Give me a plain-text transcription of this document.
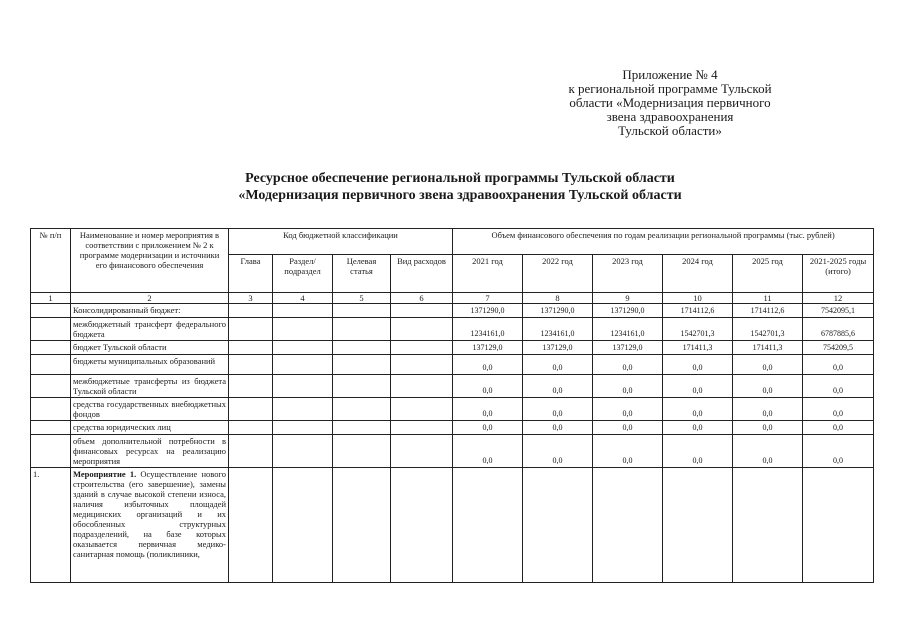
Приложение № 4
к региональной программе Тульской
области «Модернизация первичного
звена здравоохранения
Тульской области»
Ресурсное обеспечение региональной программы Тульской области
«Модернизация первичного звена здравоохранения Тульской области
№ п/п	Наименование и номер мероприятия в соответствии с приложением № 2 к программе модернизации и источники его финансового обеспечения	Код бюджетной классификации				Объем финансового обеспечения по годам реализации региональной программы (тыс. рублей)					
		Глава	Раздел/ подраздел	Целевая статья	Вид расходов	2021 год	2022 год	2023 год	2024 год	2025 год	2021-2025 годы (итого)
1	2	3	4	5	6	7	8	9	10	11	12
	Консолидированный бюджет:					1371290,0	1371290,0	1371290,0	1714112,6	1714112,6	7542095,1
	межбюджетный трансферт федерального бюджета					1234161,0	1234161,0	1234161,0	1542701,3	1542701,3	6787885,6
	бюджет Тульской области					137129,0	137129,0	137129,0	171411,3	171411,3	754209,5
	бюджеты муниципальных образований					0,0	0,0	0,0	0,0	0,0	0,0
	межбюджетные трансферты из бюджета Тульской области					0,0	0,0	0,0	0,0	0,0	0,0
	средства государственных внебюджетных фондов					0,0	0,0	0,0	0,0	0,0	0,0
	средства юридических лиц					0,0	0,0	0,0	0,0	0,0	0,0
	объем дополнительной потребности в финансовых ресурсах на реализацию мероприятия					0,0	0,0	0,0	0,0	0,0	0,0
1.	Мероприятие 1. Осуществление нового строительства (его завершение), замены зданий в случае высокой степени износа, наличия избыточных площадей медицинских организаций и их обособленных структурных подразделений, на базе которых оказывается первичная медико-санитарная помощь (поликлиники,										
